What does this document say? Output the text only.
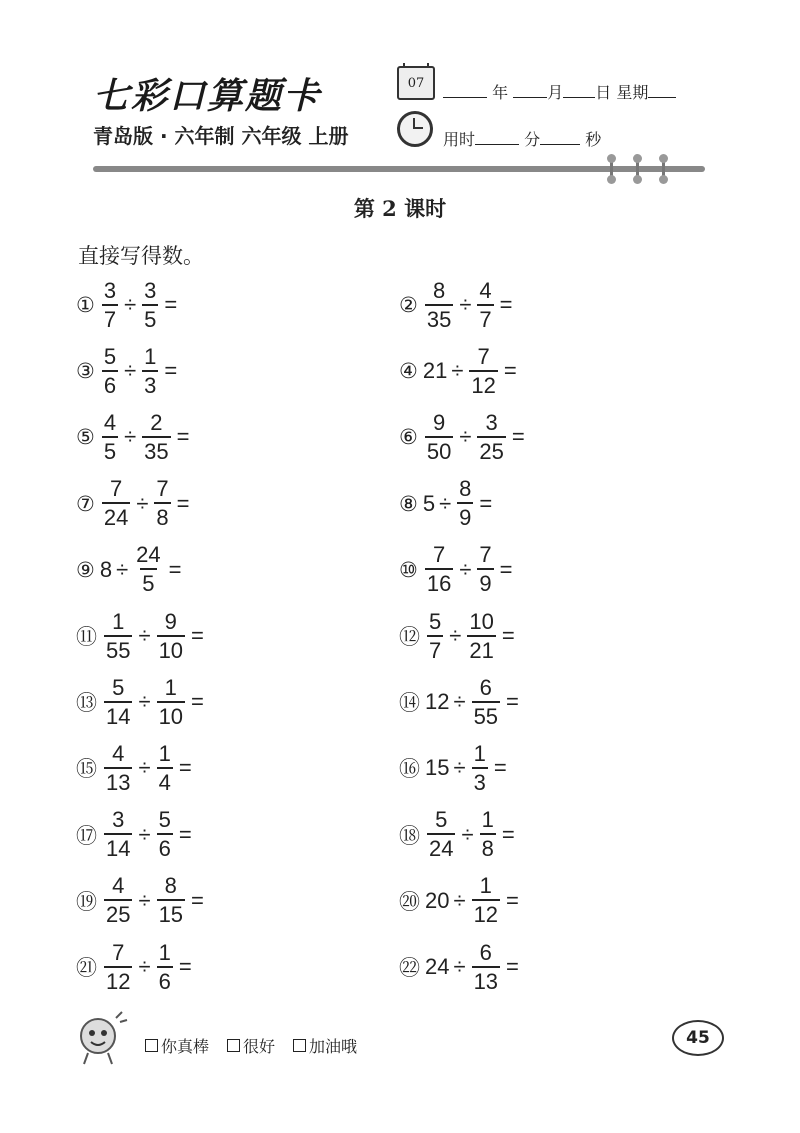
七彩口算题卡
青岛版 · 六年制 六年级 上册
07	年 月 日 星期
用时	分	秒
第 2 课时
直接写得数。
① $\frac{3}{7} \div \frac{3}{5}$ =	② $\frac{8}{35} \div \frac{4}{7}$ =
③ $\frac{5}{6} \div \frac{1}{3}$ =	④ $21 \div \frac{7}{12}$ =
⑤ $\frac{4}{5} \div \frac{2}{35}$ =	⑥ $\frac{9}{50} \div \frac{3}{25}$ =
⑦ $\frac{7}{24} \div \frac{7}{8}$ =	⑧ $5 \div \frac{8}{9}$ =
⑨ $8 \div \frac{24}{5}$ =	⑩ $\frac{7}{16} \div \frac{7}{9}$ =
⑪ $\frac{1}{55} \div \frac{9}{10}$ =	⑫ $\frac{5}{7} \div \frac{10}{21}$ =
⑬ $\frac{5}{14} \div \frac{1}{10}$ =	⑭ $12 \div \frac{6}{55}$ =
⑮ $\frac{4}{13} \div \frac{1}{4}$ =	⑯ $15 \div \frac{1}{3}$ =
⑰ $\frac{3}{14} \div \frac{5}{6}$ =	⑱ $\frac{5}{24} \div \frac{1}{8}$ =
⑲ $\frac{4}{25} \div \frac{8}{15}$ =	⑳ $20 \div \frac{1}{12}$ =
㉑ $\frac{7}{12} \div \frac{1}{6}$ =	㉒ $24 \div \frac{6}{13}$ =
你真棒 很好 加油哦	45
